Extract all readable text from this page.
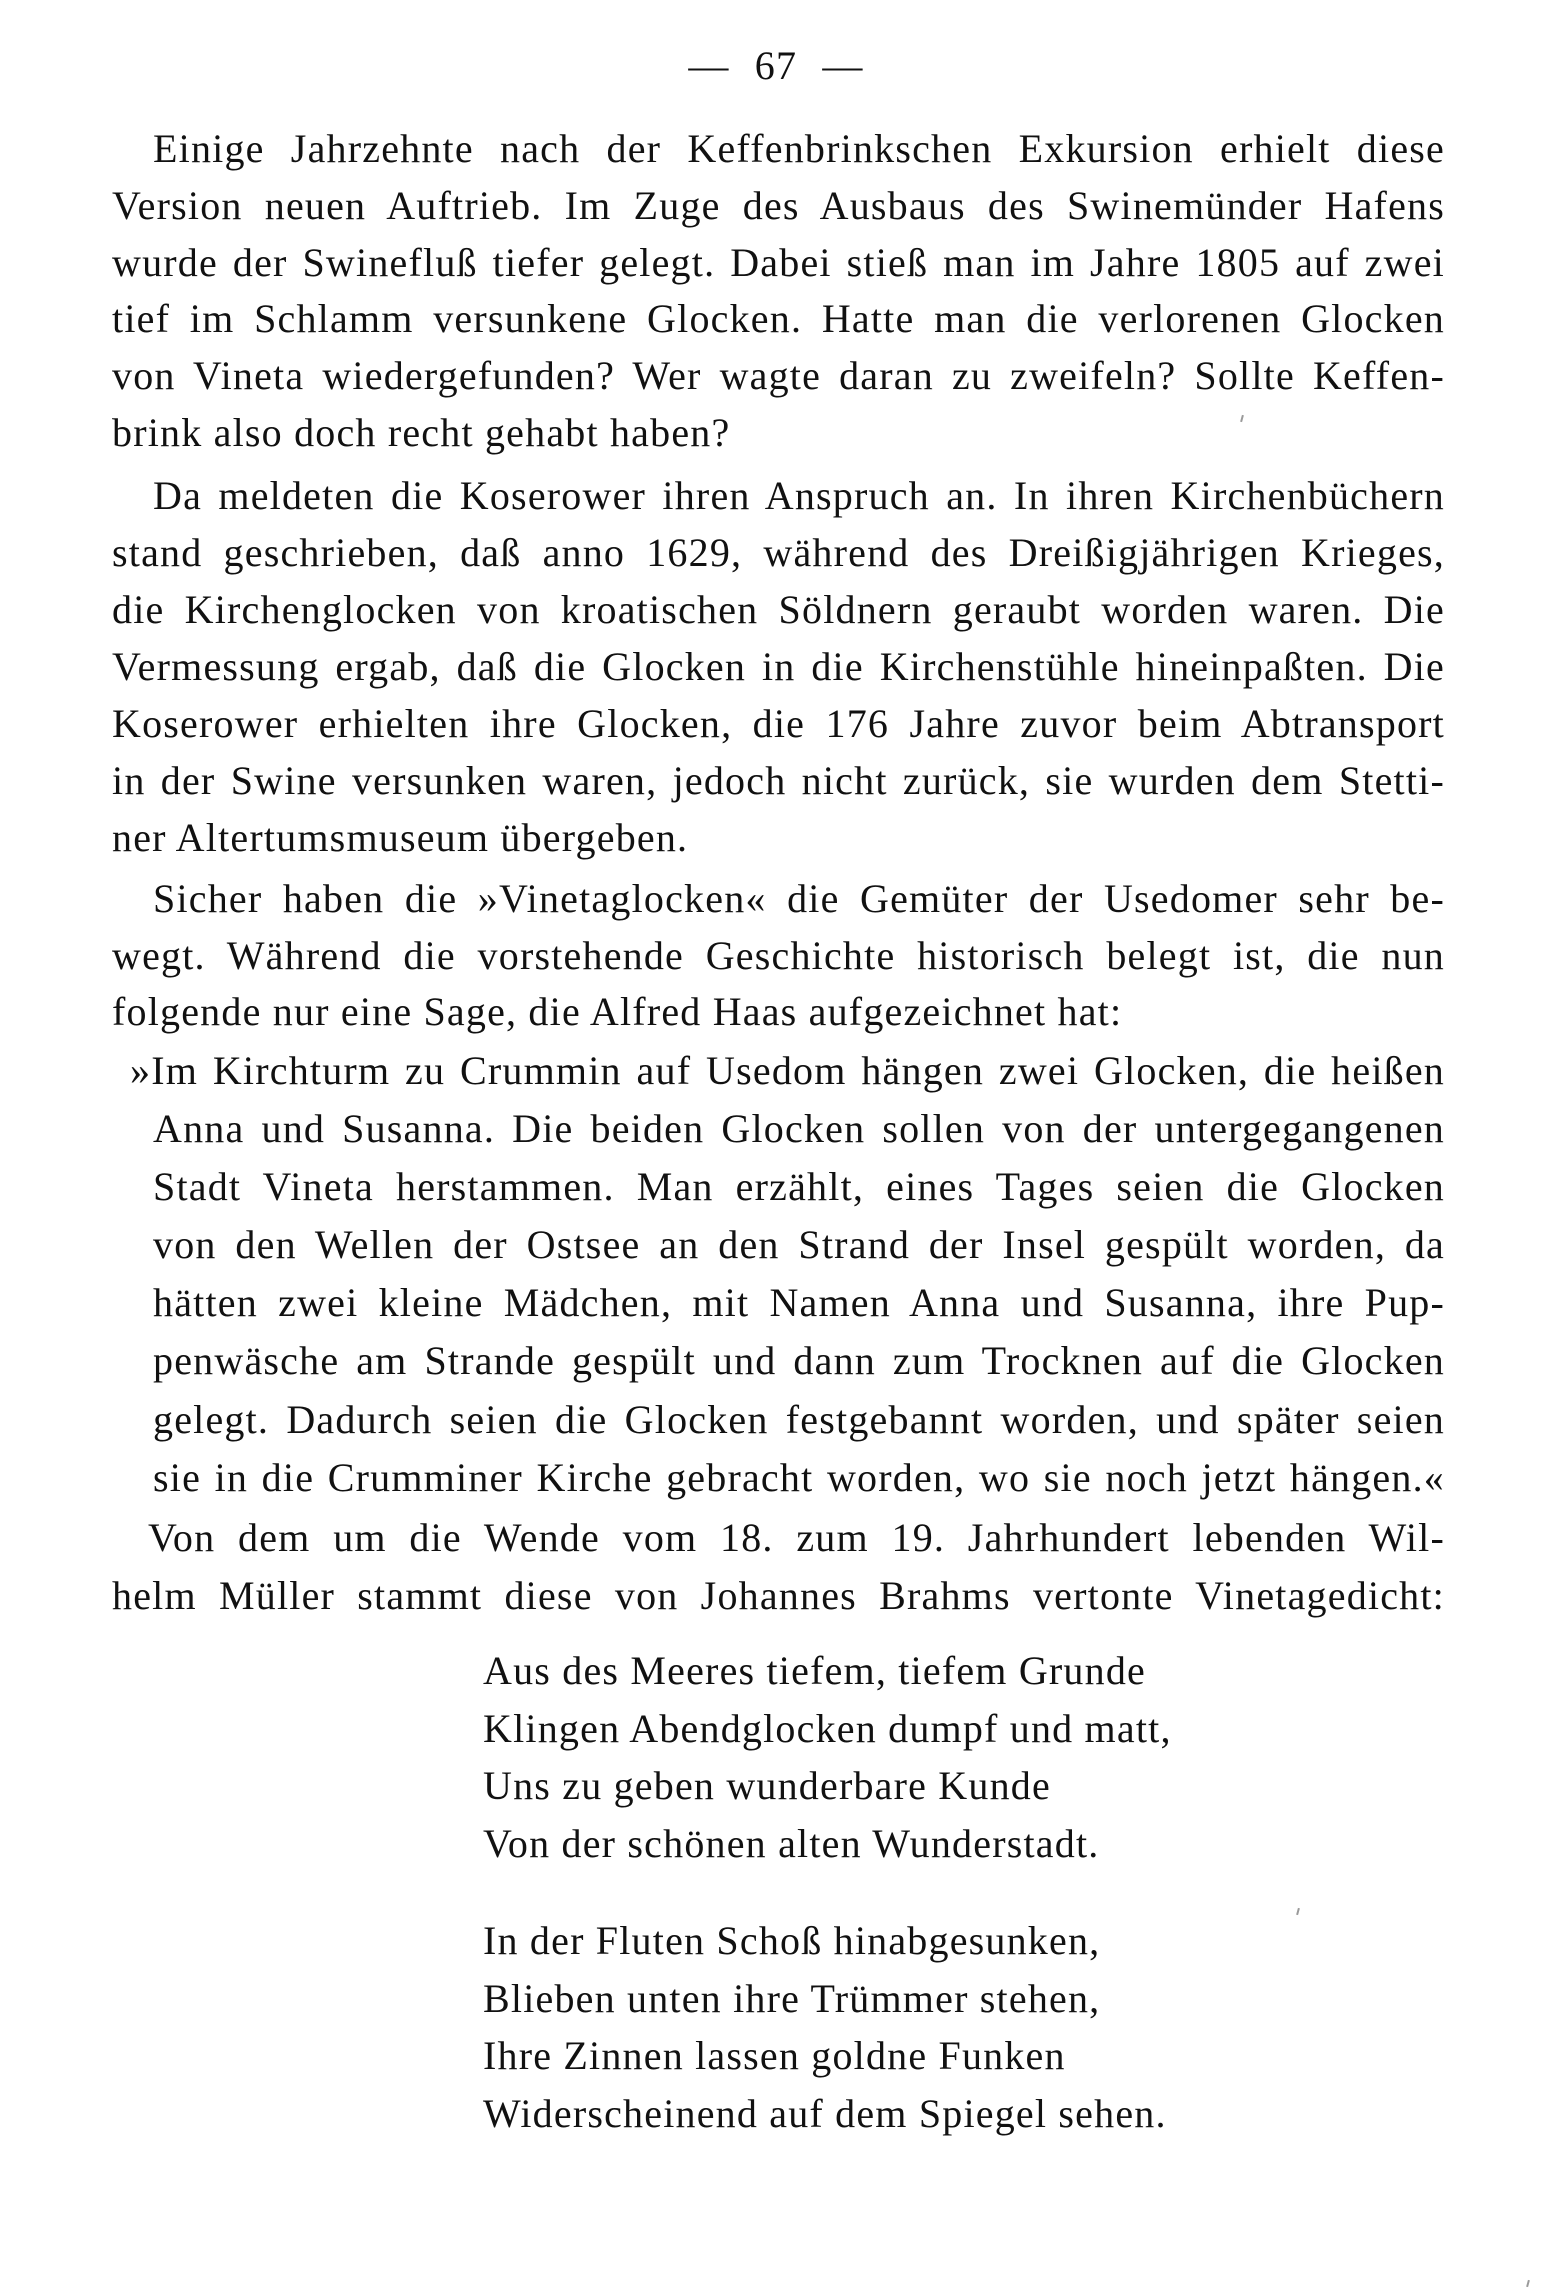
— 67 —
Einige Jahrzehnte nach der Keffenbrinkschen Exkursion erhielt diese
Version neuen Auftrieb. Im Zuge des Ausbaus des Swinemünder Hafens
wurde der Swinefluß tiefer gelegt. Dabei stieß man im Jahre 1805 auf zwei
tief im Schlamm versunkene Glocken. Hatte man die verlorenen Glocken
von Vineta wiedergefunden? Wer wagte daran zu zweifeln? Sollte Keffen-
brink also doch recht gehabt haben?
Da meldeten die Koserower ihren Anspruch an. In ihren Kirchenbüchern
stand geschrieben, daß anno 1629, während des Dreißigjährigen Krieges,
die Kirchenglocken von kroatischen Söldnern geraubt worden waren. Die
Vermessung ergab, daß die Glocken in die Kirchenstühle hineinpaßten. Die
Koserower erhielten ihre Glocken, die 176 Jahre zuvor beim Abtransport
in der Swine versunken waren, jedoch nicht zurück, sie wurden dem Stetti-
ner Altertumsmuseum übergeben.
Sicher haben die »Vinetaglocken« die Gemüter der Usedomer sehr be-
wegt. Während die vorstehende Geschichte historisch belegt ist, die nun
folgende nur eine Sage, die Alfred Haas aufgezeichnet hat:
»Im Kirchturm zu Crummin auf Usedom hängen zwei Glocken, die heißen
Anna und Susanna. Die beiden Glocken sollen von der untergegangenen
Stadt Vineta herstammen. Man erzählt, eines Tages seien die Glocken
von den Wellen der Ostsee an den Strand der Insel gespült worden, da
hätten zwei kleine Mädchen, mit Namen Anna und Susanna, ihre Pup-
penwäsche am Strande gespült und dann zum Trocknen auf die Glocken
gelegt. Dadurch seien die Glocken festgebannt worden, und später seien
sie in die Crumminer Kirche gebracht worden, wo sie noch jetzt hängen.«
Von dem um die Wende vom 18. zum 19. Jahrhundert lebenden Wil-
helm Müller stammt diese von Johannes Brahms vertonte Vinetagedicht:
Aus des Meeres tiefem, tiefem Grunde
Klingen Abendglocken dumpf und matt,
Uns zu geben wunderbare Kunde
Von der schönen alten Wunderstadt.
In der Fluten Schoß hinabgesunken,
Blieben unten ihre Trümmer stehen,
Ihre Zinnen lassen goldne Funken
Widerscheinend auf dem Spiegel sehen.
